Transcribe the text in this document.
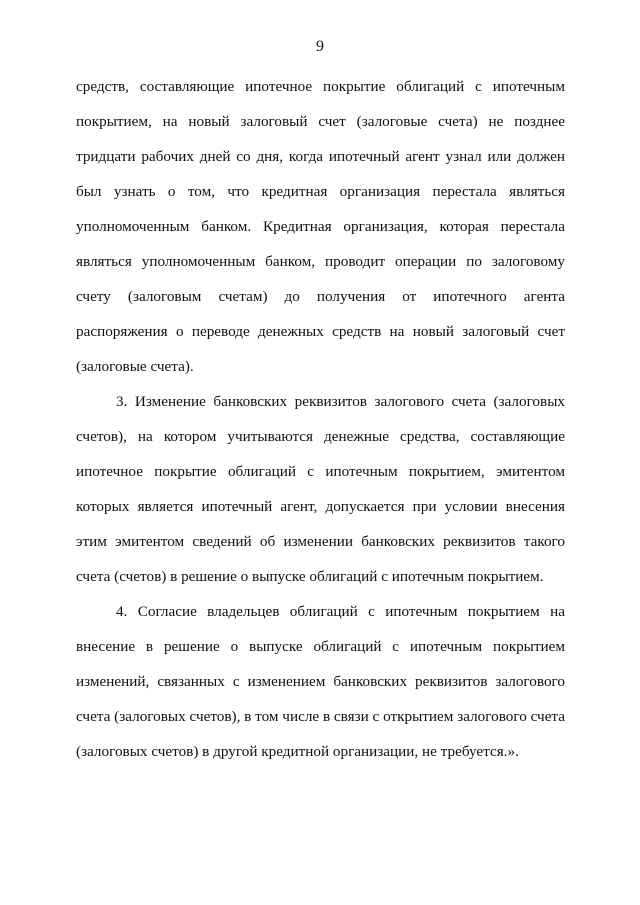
9
средств, составляющие ипотечное покрытие облигаций с ипотечным
покрытием, на новый залоговый счет (залоговые счета) не позднее
тридцати рабочих дней со дня, когда ипотечный агент узнал или должен
был узнать о том, что кредитная организация перестала являться
уполномоченным банком. Кредитная организация, которая перестала
являться уполномоченным банком, проводит операции по залоговому
счету (залоговым счетам) до получения от ипотечного агента
распоряжения о переводе денежных средств на новый залоговый счет
(залоговые счета).
3. Изменение банковских реквизитов залогового счета (залоговых
счетов), на котором учитываются денежные средства, составляющие
ипотечное покрытие облигаций с ипотечным покрытием, эмитентом
которых является ипотечный агент, допускается при условии внесения
этим эмитентом сведений об изменении банковских реквизитов такого
счета (счетов) в решение о выпуске облигаций с ипотечным покрытием.
4. Согласие владельцев облигаций с ипотечным покрытием на
внесение в решение о выпуске облигаций с ипотечным покрытием
изменений, связанных с изменением банковских реквизитов залогового
счета (залоговых счетов), в том числе в связи с открытием залогового счета
(залоговых счетов) в другой кредитной организации, не требуется.».
